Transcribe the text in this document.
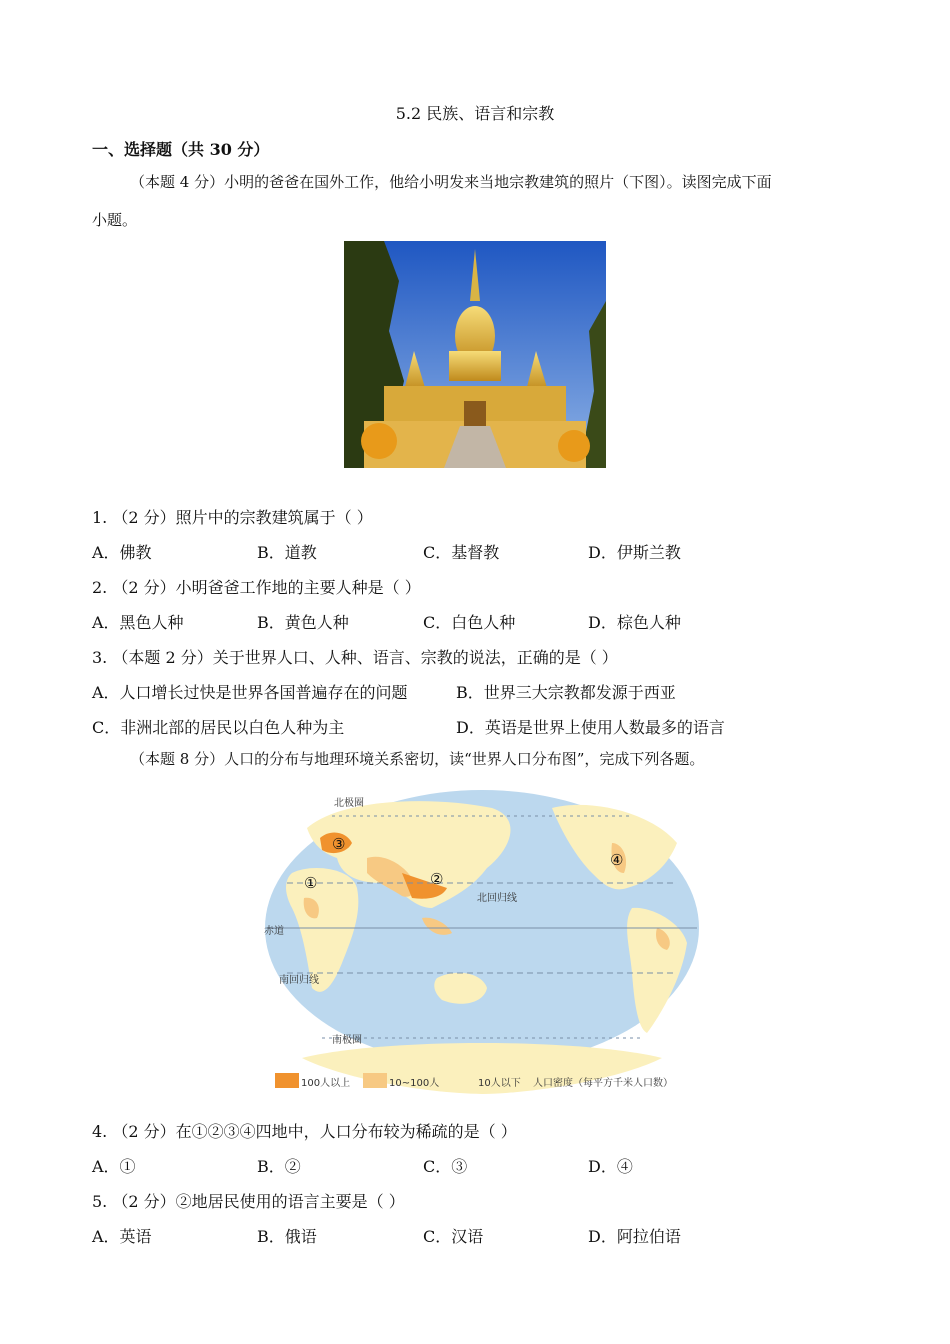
5.2 民族、语言和宗教
一、选择题（共 30 分）
（本题 4 分）小明的爸爸在国外工作，他给小明发来当地宗教建筑的照片（下图）。读图完成下面
小题。
1. （2 分）照片中的宗教建筑属于（ ）
A．佛教	B．道教	C．基督教	D．伊斯兰教
2. （2 分）小明爸爸工作地的主要人种是（ ）
A．黑色人种	B．黄色人种	C．白色人种	D．棕色人种
3. （本题 2 分）关于世界人口、人种、语言、宗教的说法，正确的是（ ）
A．人口增长过快是世界各国普遍存在的问题	B．世界三大宗教都发源于西亚
C．非洲北部的居民以白色人种为主	D．英语是世界上使用人数最多的语言
（本题 8 分）人口的分布与地理环境关系密切，读“世界人口分布图”，完成下列各题。
北极圈
北回归线
赤道
南回归线
南极圈
①	②
③
④
100人以上	10~100人	10人以下 人口密度（每平方千米人口数）
4. （2 分）在①②③④四地中，人口分布较为稀疏的是（ ）
A．①	B．②	C．③	D．④
5. （2 分）②地居民使用的语言主要是（ ）
A．英语	B．俄语	C．汉语	D．阿拉伯语
